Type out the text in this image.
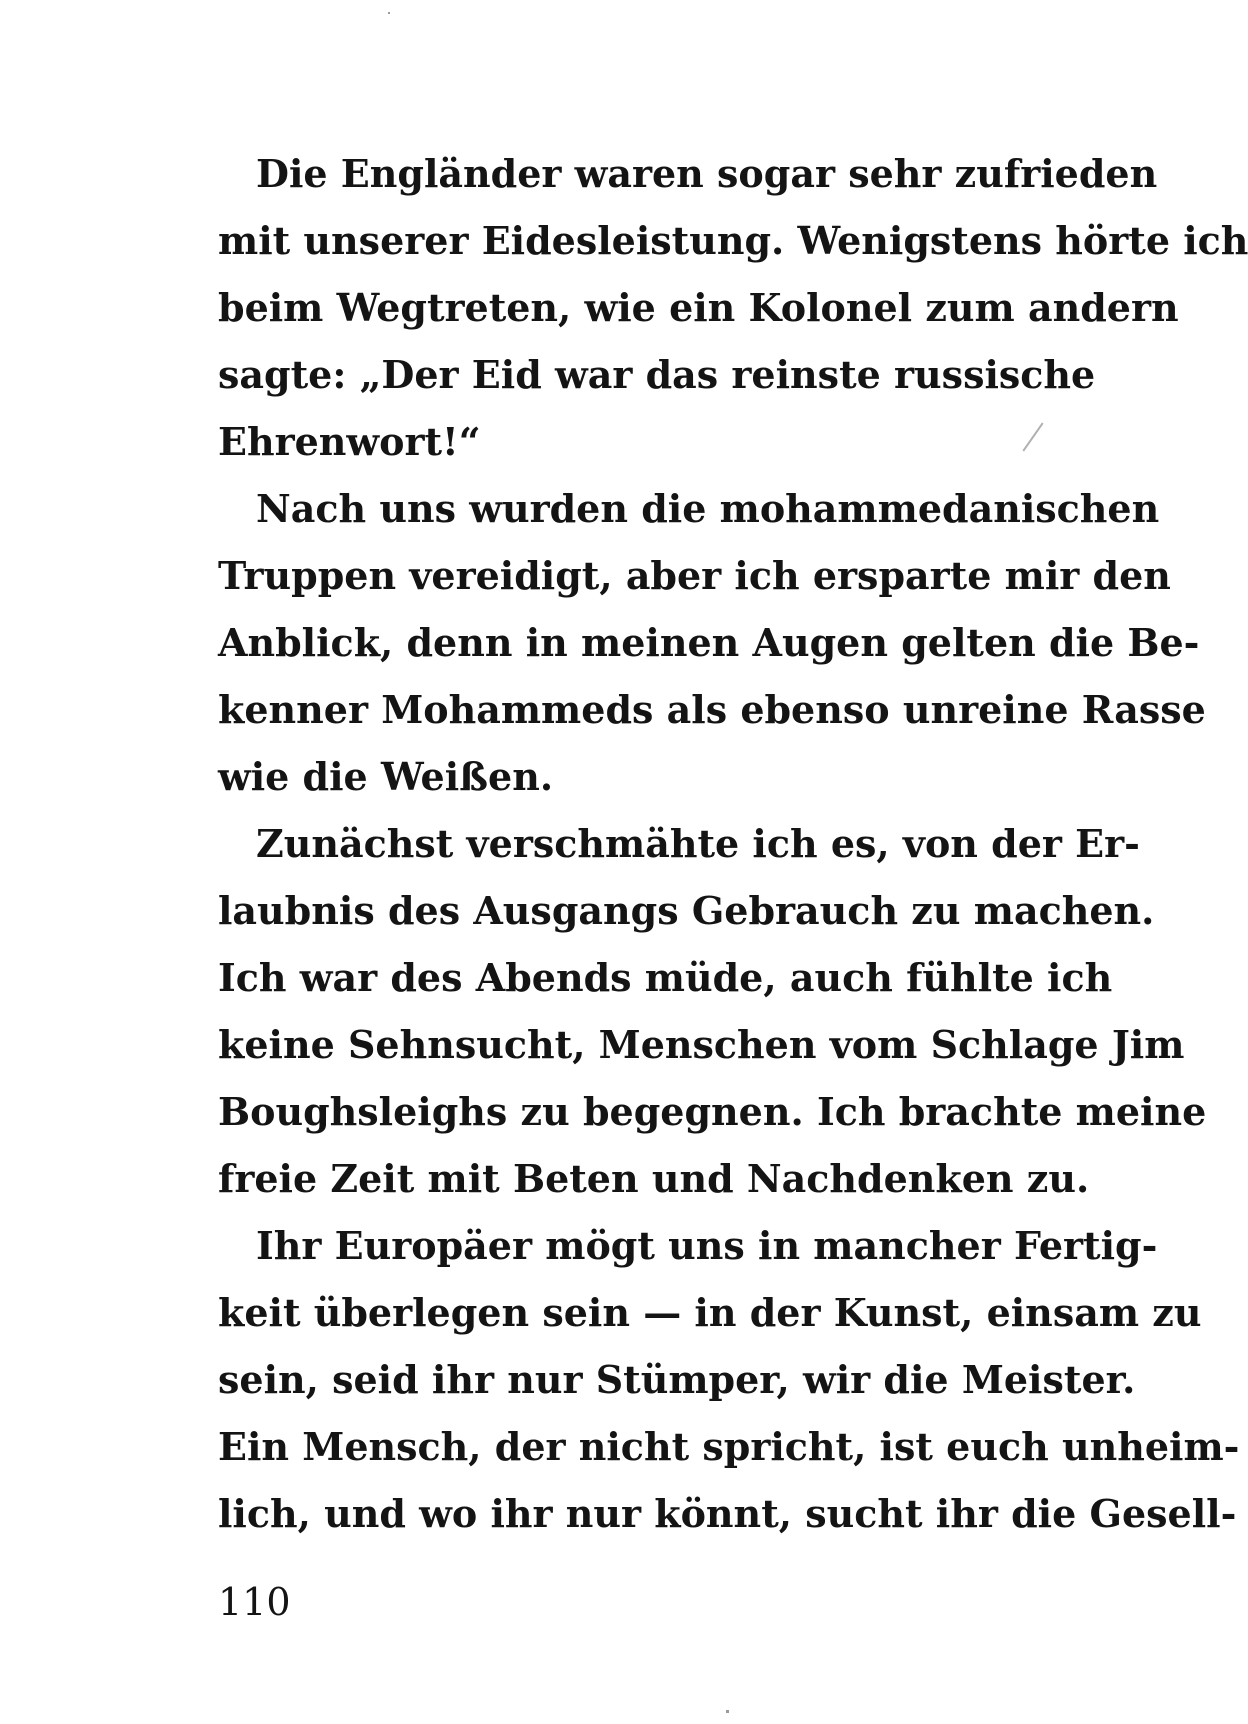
Die Engländer waren sogar sehr zufrieden
mit unserer Eidesleistung. Wenigstens hörte ich
beim Wegtreten, wie ein Kolonel zum andern
sagte: „Der Eid war das reinste russische
Ehrenwort!“
Nach uns wurden die mohammedanischen
Truppen vereidigt, aber ich ersparte mir den
Anblick, denn in meinen Augen gelten die Be-
kenner Mohammeds als ebenso unreine Rasse
wie die Weißen.
Zunächst verschmähte ich es, von der Er-
laubnis des Ausgangs Gebrauch zu machen.
Ich war des Abends müde, auch fühlte ich
keine Sehnsucht, Menschen vom Schlage Jim
Boughsleighs zu begegnen. Ich brachte meine
freie Zeit mit Beten und Nachdenken zu.
Ihr Europäer mögt uns in mancher Fertig-
keit überlegen sein — in der Kunst, einsam zu
sein, seid ihr nur Stümper, wir die Meister.
Ein Mensch, der nicht spricht, ist euch unheim-
lich, und wo ihr nur könnt, sucht ihr die Gesell-
110
